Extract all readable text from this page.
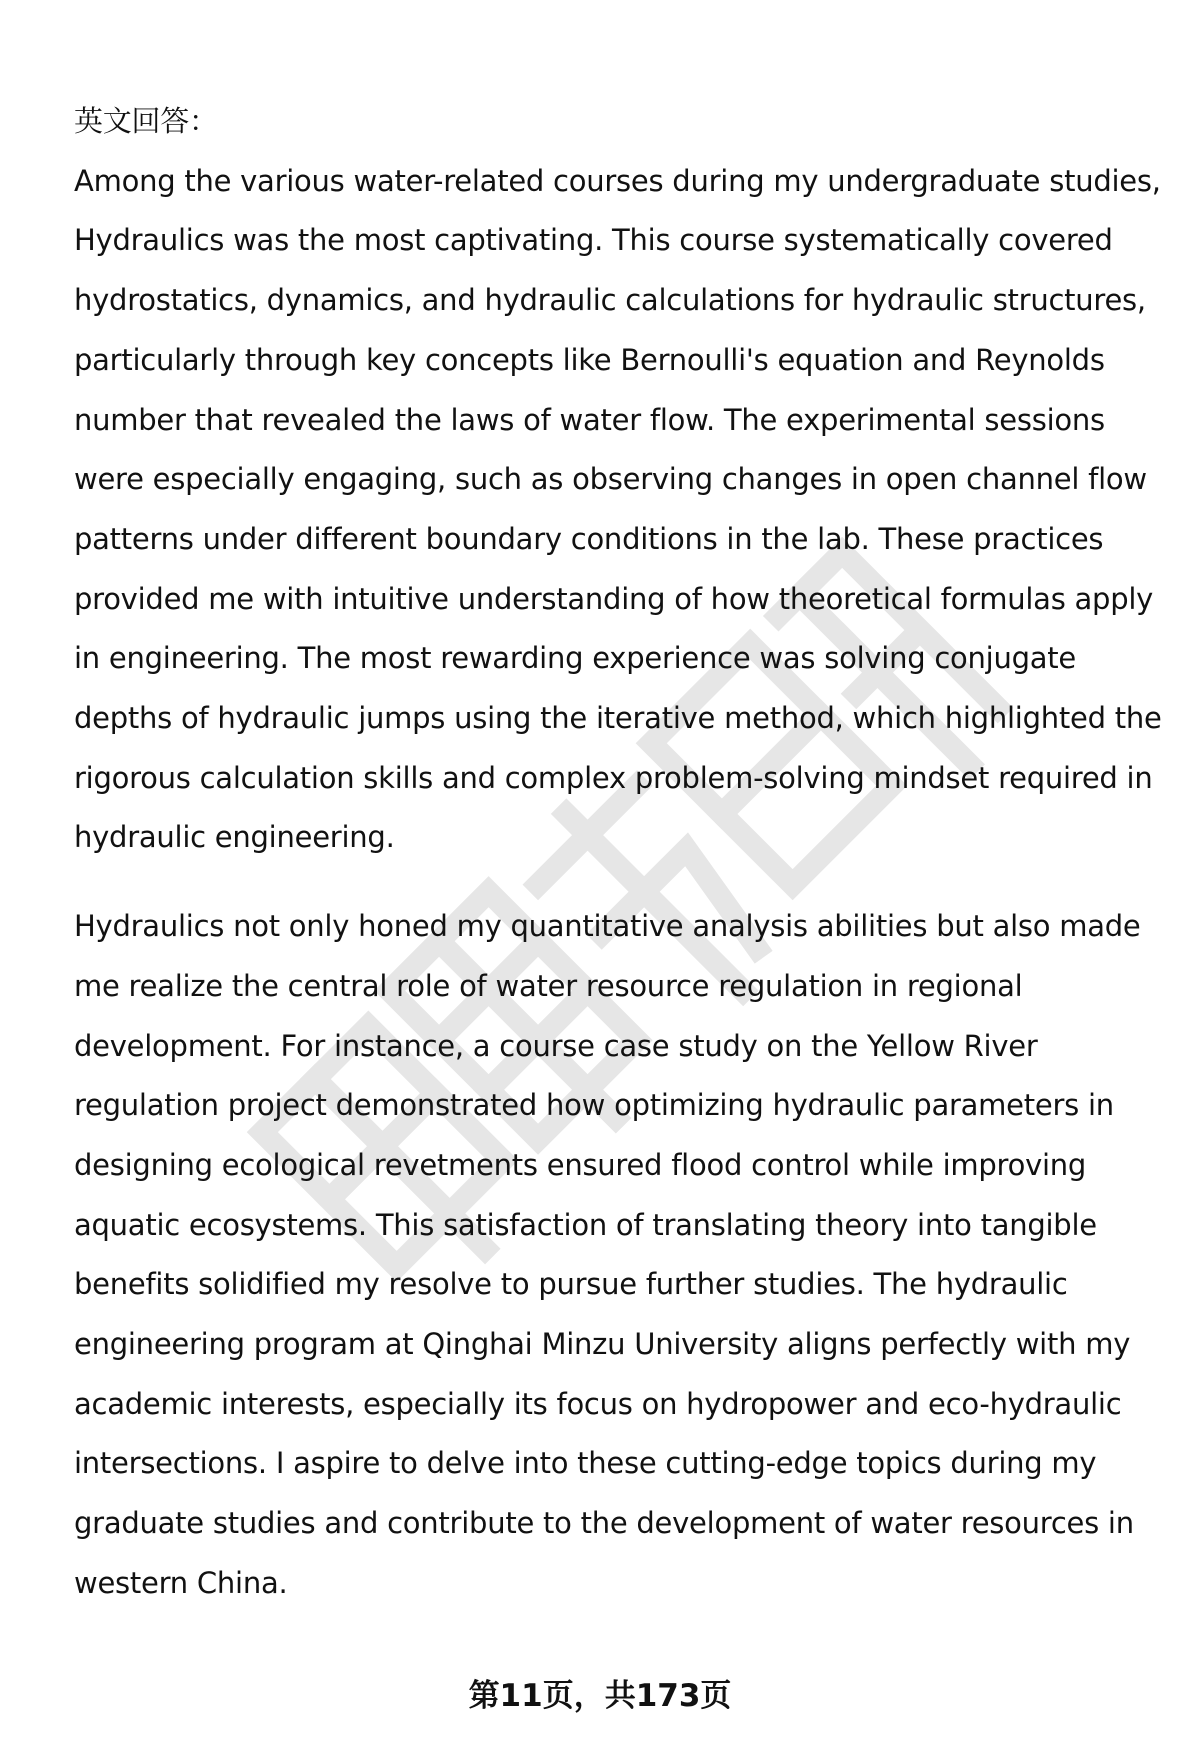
英文回答：

Among the various water-related courses during my undergraduate studies, Hydraulics was the most captivating. This course systematically covered hydrostatics, dynamics, and hydraulic calculations for hydraulic structures, particularly through key concepts like Bernoulli's equation and Reynolds number that revealed the laws of water flow. The experimental sessions were especially engaging, such as observing changes in open channel flow patterns under different boundary conditions in the lab. These practices provided me with intuitive understanding of how theoretical formulas apply in engineering. The most rewarding experience was solving conjugate depths of hydraulic jumps using the iterative method, which highlighted the rigorous calculation skills and complex problem-solving mindset required in hydraulic engineering.

Hydraulics not only honed my quantitative analysis abilities but also made me realize the central role of water resource regulation in regional development. For instance, a course case study on the Yellow River regulation project demonstrated how optimizing hydraulic parameters in designing ecological revetments ensured flood control while improving aquatic ecosystems. This satisfaction of translating theory into tangible benefits solidified my resolve to pursue further studies. The hydraulic engineering program at Qinghai Minzu University aligns perfectly with my academic interests, especially its focus on hydropower and eco-hydraulic intersections. I aspire to delve into these cutting-edge topics during my graduate studies and contribute to the development of water resources in western China.

第11页，共173页
